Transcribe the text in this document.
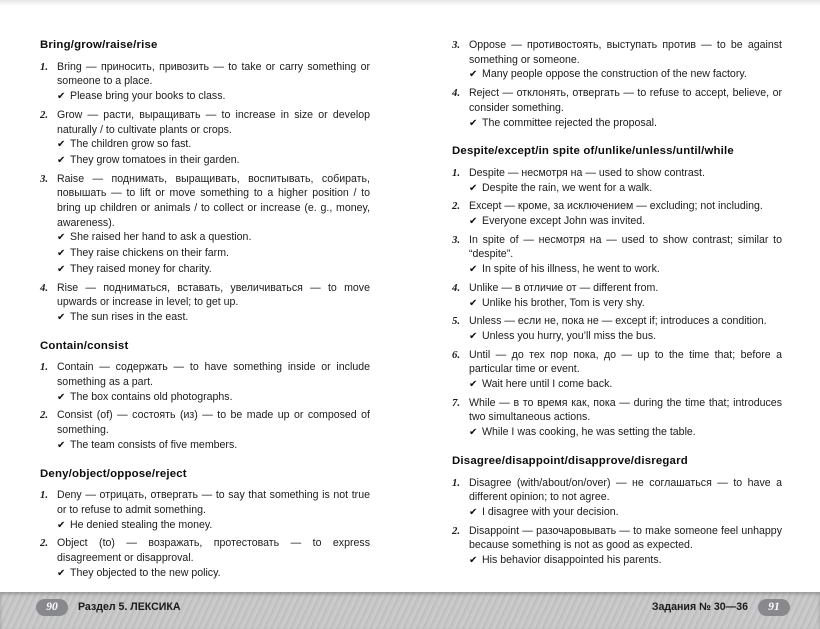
Bring/grow/raise/rise
1. Bring — приносить, привозить — to take or carry something or someone to a place.
✔ Please bring your books to class.
2. Grow — расти, выращивать — to increase in size or develop naturally / to cultivate plants or crops.
✔ The children grow so fast.
✔ They grow tomatoes in their garden.
3. Raise — поднимать, выращивать, воспитывать, собирать, повышать — to lift or move something to a higher position / to bring up children or animals / to collect or increase (e. g., money, awareness).
✔ She raised her hand to ask a question.
✔ They raise chickens on their farm.
✔ They raised money for charity.
4. Rise — подниматься, вставать, увеличиваться — to move upwards or increase in level; to get up.
✔ The sun rises in the east.
Contain/consist
1. Contain — содержать — to have something inside or include something as a part.
✔ The box contains old photographs.
2. Consist (of) — состоять (из) — to be made up or composed of something.
✔ The team consists of five members.
Deny/object/oppose/reject
1. Deny — отрицать, отвергать — to say that something is not true or to refuse to admit something.
✔ He denied stealing the money.
2. Object (to) — возражать, протестовать — to express disagreement or disapproval.
✔ They objected to the new policy.
3. Oppose — противостоять, выступать против — to be against something or someone.
✔ Many people oppose the construction of the new factory.
4. Reject — отклонять, отвергать — to refuse to accept, believe, or consider something.
✔ The committee rejected the proposal.
Despite/except/in spite of/unlike/unless/until/while
1. Despite — несмотря на — used to show contrast.
✔ Despite the rain, we went for a walk.
2. Except — кроме, за исключением — excluding; not including.
✔ Everyone except John was invited.
3. In spite of — несмотря на — used to show contrast; similar to “despite”.
✔ In spite of his illness, he went to work.
4. Unlike — в отличие от — different from.
✔ Unlike his brother, Tom is very shy.
5. Unless — если не, пока не — except if; introduces a condition.
✔ Unless you hurry, you’ll miss the bus.
6. Until — до тех пор пока, до — up to the time that; before a particular time or event.
✔ Wait here until I come back.
7. While — в то время как, пока — during the time that; introduces two simultaneous actions.
✔ While I was cooking, he was setting the table.
Disagree/disappoint/disapprove/disregard
1. Disagree (with/about/on/over) — не соглашаться — to have a different opinion; to not agree.
✔ I disagree with your decision.
2. Disappoint — разочаровывать — to make someone feel unhappy because something is not as good as expected.
✔ His behavior disappointed his parents.
90	Раздел 5. ЛЕКСИКА	Задания № 30—36	91
